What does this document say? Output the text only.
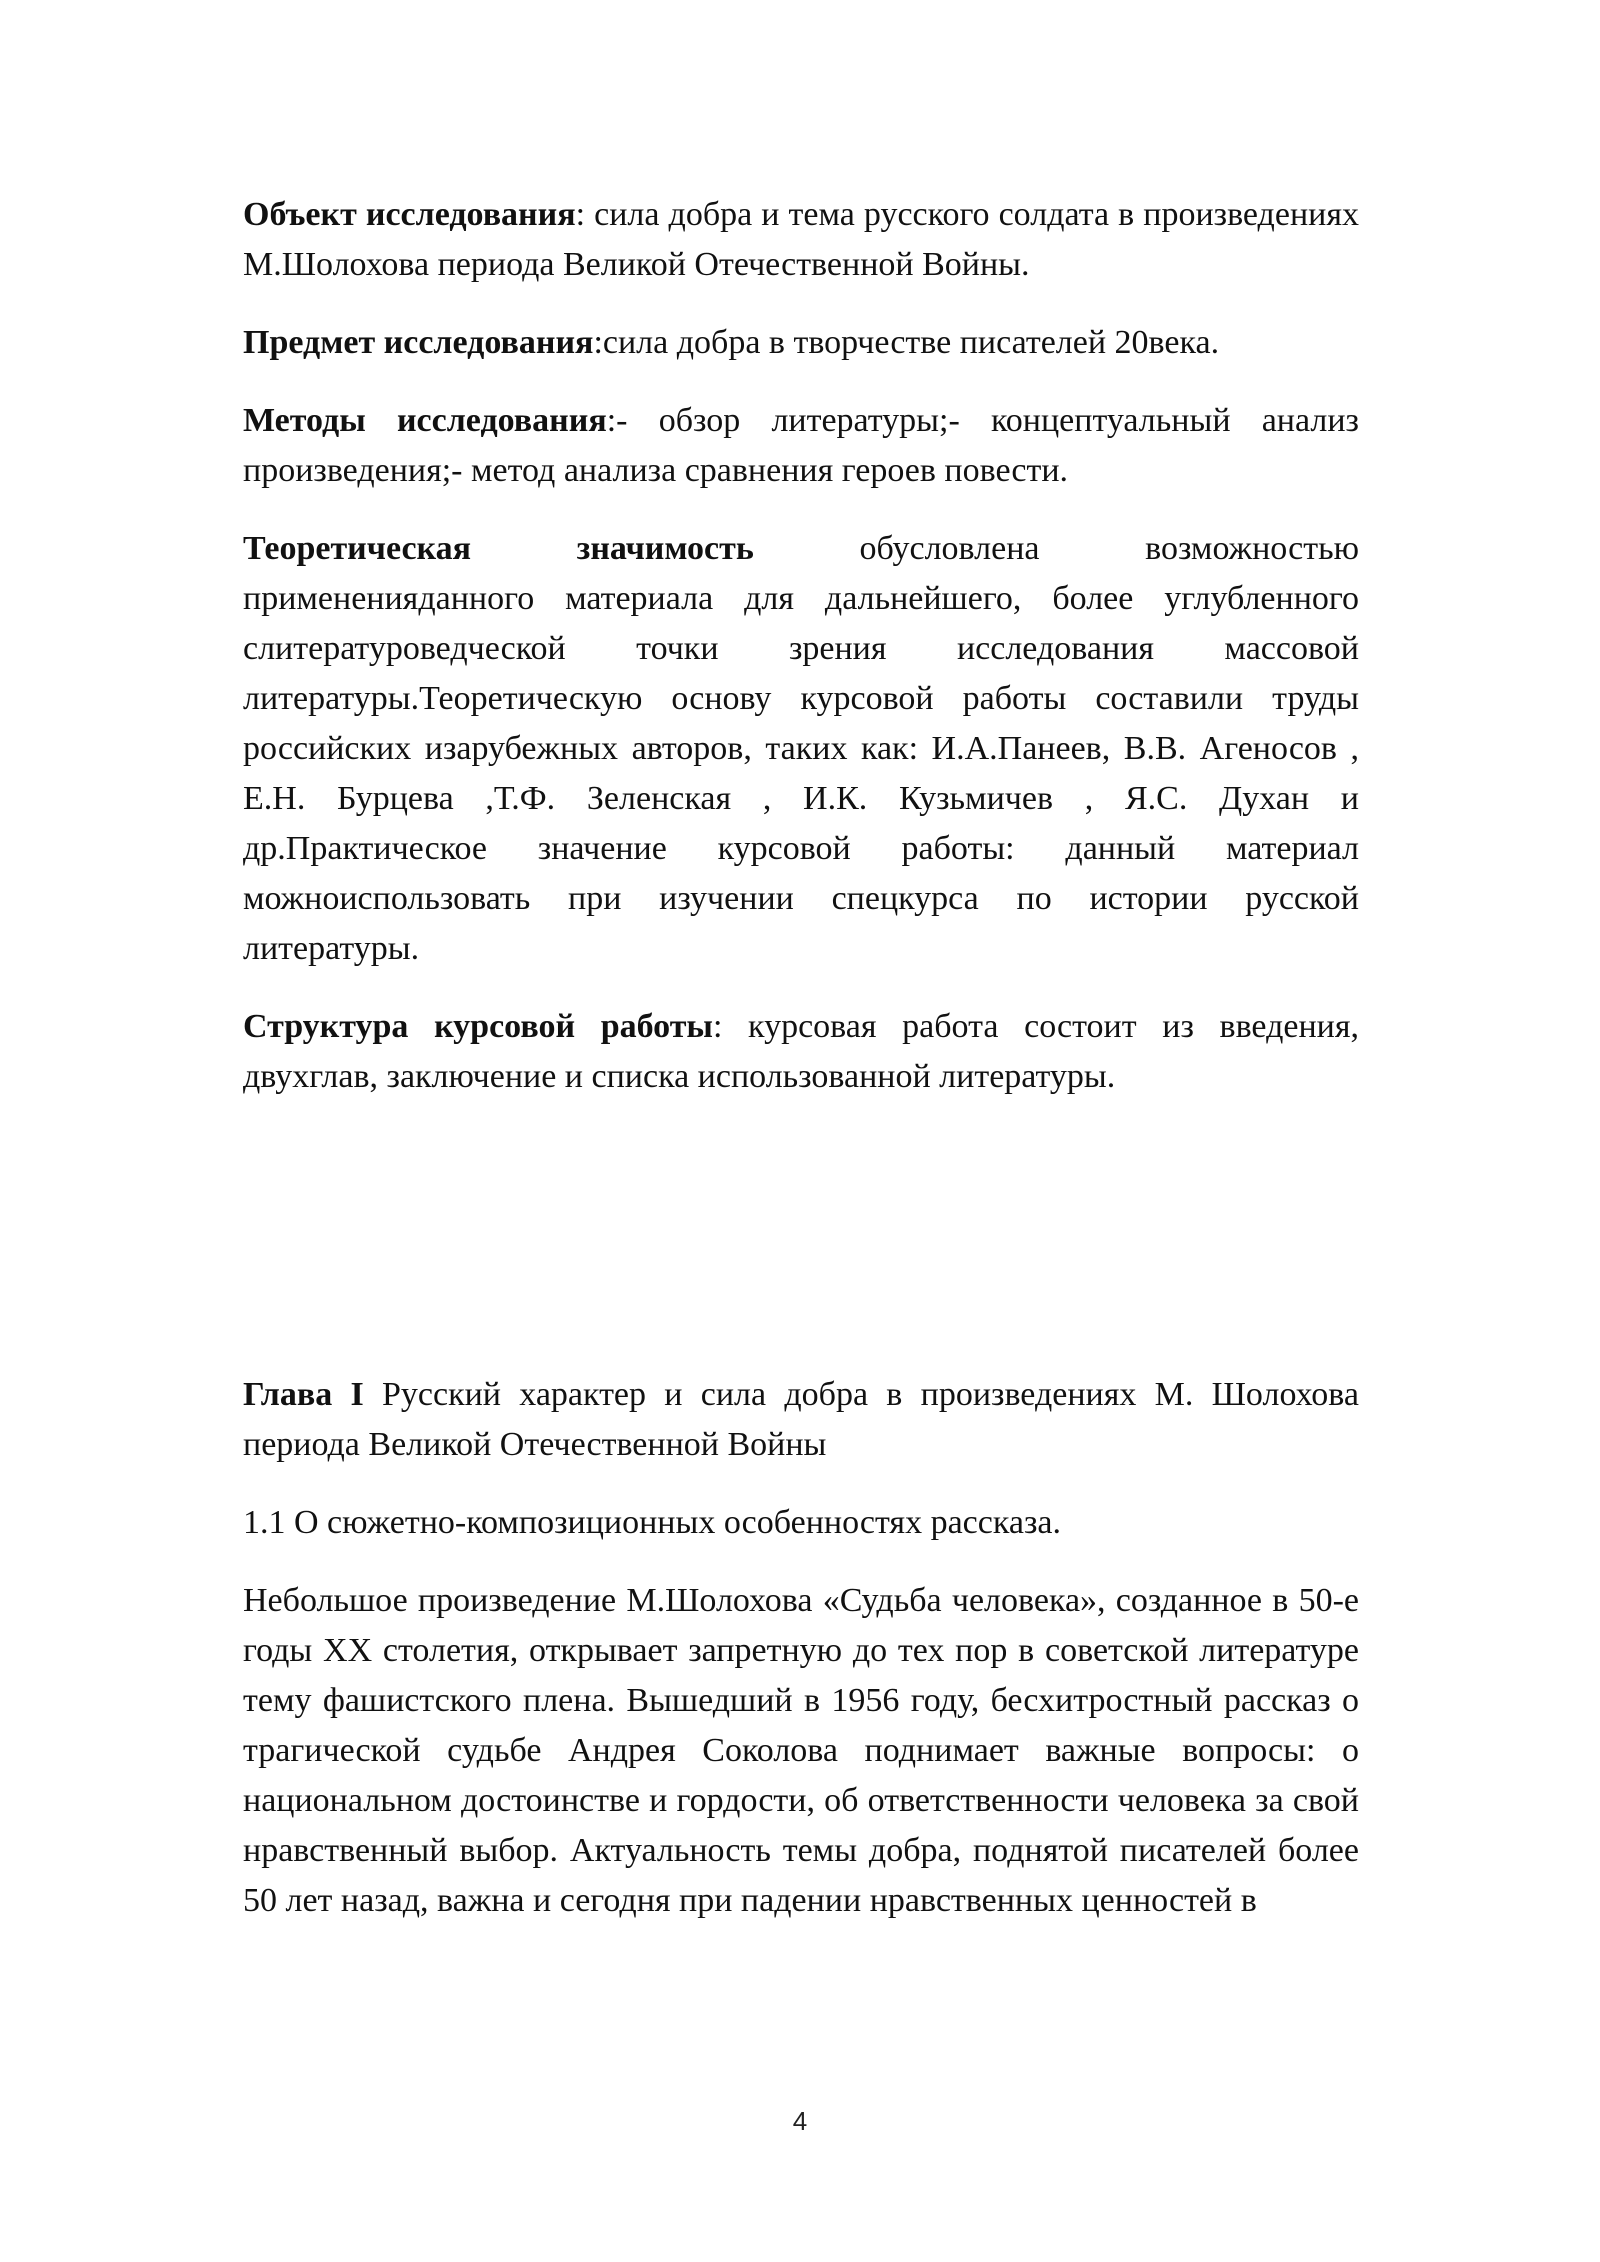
Объект исследования: сила добра и тема русского солдата в произведениях М.Шолохова периода Великой Отечественной Войны.

Предмет исследования:сила добра в творчестве писателей 20века.

Методы исследования:- обзор литературы;- концептуальный анализ произведения;- метод анализа сравнения героев повести.

Теоретическая значимость обусловлена возможностью примененияданного материала для дальнейшего, более углубленного слитературоведческой точки зрения исследования массовой литературы.Теоретическую основу курсовой работы составили труды российских изарубежных авторов, таких как: И.А.Панеев, В.В. Агеносов , Е.Н. Бурцева ,Т.Ф. Зеленская , И.К. Кузьмичев , Я.С. Духан и др.Практическое значение курсовой работы: данный материал можноиспользовать при изучении спецкурса по истории русской литературы.

Структура курсовой работы: курсовая работа состоит из введения, двухглав, заключение и списка использованной литературы.

Глава I Русский характер и сила добра в произведениях М. Шолохова периода Великой Отечественной Войны

1.1 О сюжетно-композиционных особенностях рассказа.

Небольшое произведение М.Шолохова «Судьба человека», созданное в 50-е годы XX столетия, открывает запретную до тех пор в советской литературе тему фашистского плена. Вышедший в 1956 году, бесхитростный рассказ о трагической судьбе Андрея Соколова поднимает важные вопросы: о национальном достоинстве и гордости, об ответственности человека за свой нравственный выбор. Актуальность темы добра, поднятой писателей более 50 лет назад, важна и сегодня при падении нравственных ценностей в

4
